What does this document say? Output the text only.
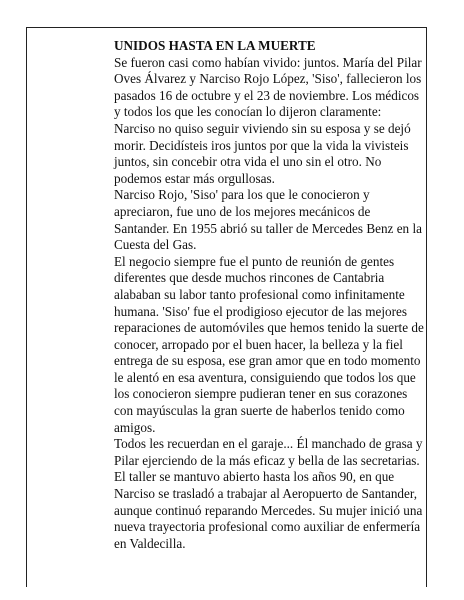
UNIDOS HASTA EN LA MUERTE

Se fueron casi como habían vivido: juntos. María del Pilar Oves Álvarez y Narciso Rojo López, 'Siso', fallecieron los pasados 16 de octubre y el 23 de noviembre. Los médicos y todos los que les conocían lo dijeron claramente: Narciso no quiso seguir viviendo sin su esposa y se dejó morir. Decidísteis iros juntos por que la vida la vivisteis juntos, sin concebir otra vida el uno sin el otro. No podemos estar más orgullosas.

Narciso Rojo, 'Siso' para los que le conocieron y apreciaron, fue uno de los mejores mecánicos de Santander. En 1955 abrió su taller de Mercedes Benz en la Cuesta del Gas.

El negocio siempre fue el punto de reunión de gentes diferentes que desde muchos rincones de Cantabria alababan su labor tanto profesional como infinitamente humana. 'Siso' fue el prodigioso ejecutor de las mejores reparaciones de automóviles que hemos tenido la suerte de conocer, arropado por el buen hacer, la belleza y la fiel entrega de su esposa, ese gran amor que en todo momento le alentó en esa aventura, consiguiendo que todos los que los conocieron siempre pudieran tener en sus corazones con mayúsculas la gran suerte de haberlos tenido como amigos.

Todos les recuerdan en el garaje... Él manchado de grasa y Pilar ejerciendo de la más eficaz y bella de las secretarias. El taller se mantuvo abierto hasta los años 90, en que Narciso se trasladó a trabajar al Aeropuerto de Santander, aunque continuó reparando Mercedes. Su mujer inició una nueva trayectoria profesional como auxiliar de enfermería en Valdecilla.
